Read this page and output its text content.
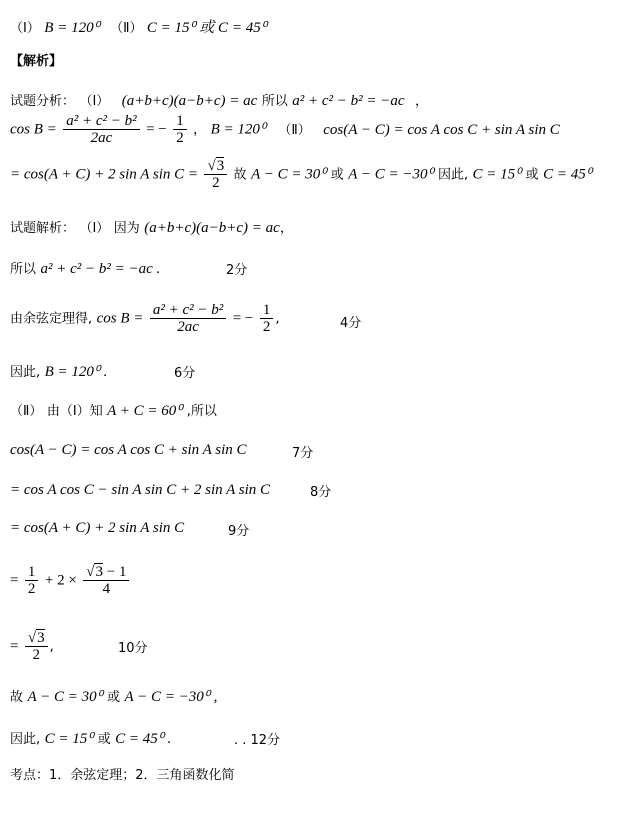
（Ⅰ） B = 120⁰ （Ⅱ） C = 15⁰ 或 C = 45⁰
【解析】
试题分析： （Ⅰ） (a+b+c)(a−b+c) = ac 所以 a² + c² − b² = −ac ，
$\cos B = \frac{\text{a² + c² − b²}}{2ac}$ = − $\frac{1}{2}$ ， B = 120⁰ （Ⅱ） cos(A − C) = cos A cos C + sin A sin C
= cos(A + C) + 2 sin A $\sin C = \frac{√3}{2}$ 故 A − C = 30⁰ 或 A − C = −30⁰ 因此, C = 15⁰ 或 C = 45⁰
试题解析： （Ⅰ） 因为 (a+b+c)(a−b+c) = ac，
所以 a² + c² − b² = −ac .	2分
由余弦定理得, $\cos B = \frac{\text{a² + c² − b²}}{2ac}$ = − $\frac{1}{2}$ ,	4分
因此, B = 120⁰ .	6分
（Ⅱ） 由（Ⅰ）知 A + C = 60⁰ ,所以
cos(A − C) = cos A cos C + sin A sin C	7分
= cos A cos C − sin A sin C + 2 sin A sin C	8分
= cos(A + C) + 2 sin A sin C	9分
= $\frac{1}{2} + 2 \times \frac{√3 - 1}{4}$
= $\frac{√3}{2}$ ,	10分
故 A − C = 30⁰ 或 A − C = −30⁰ ,
因此, C = 15⁰ 或 C = 45⁰ .	. . 12分
考点：1．余弦定理；2．三角函数化简
